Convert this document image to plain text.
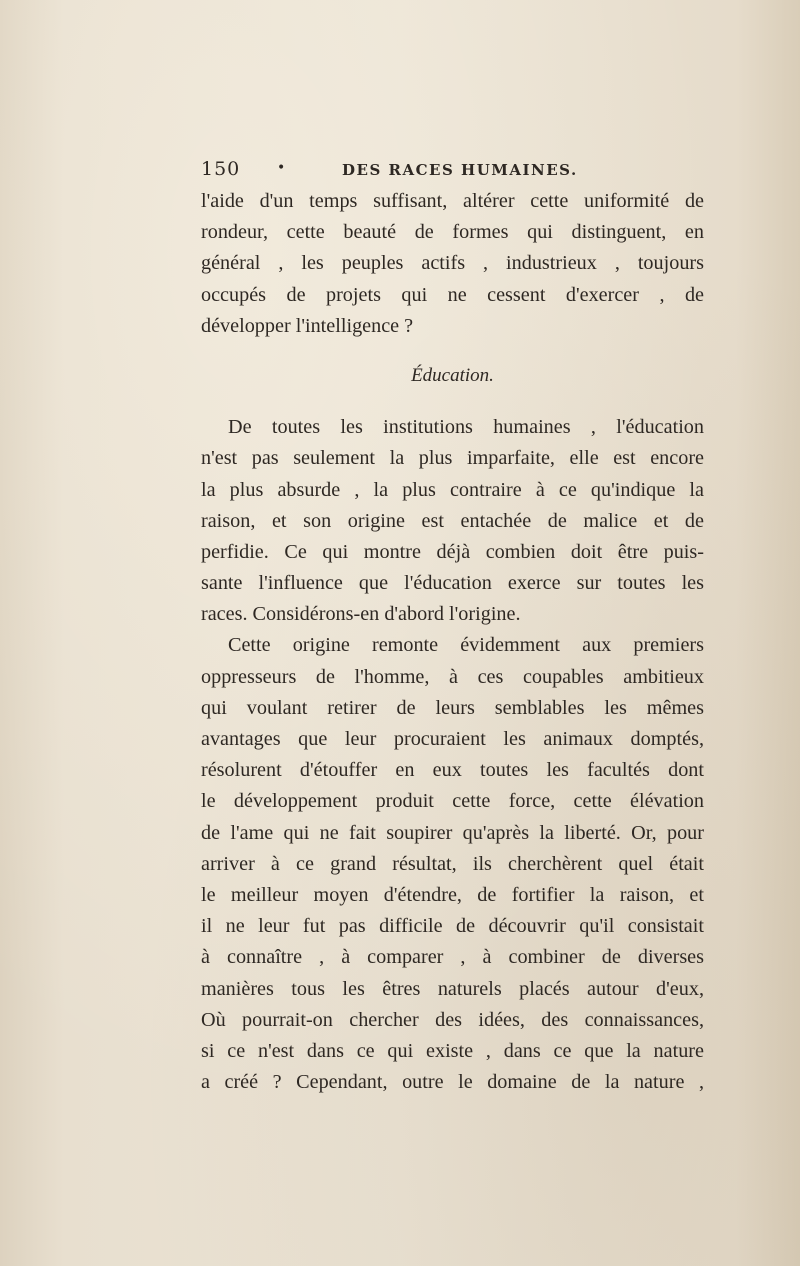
150	•	DES RACES HUMAINES.
l'aide d'un temps suffisant, altérer cette uniformité de
rondeur, cette beauté de formes qui distinguent, en
général , les peuples actifs , industrieux , toujours
occupés de projets qui ne cessent d'exercer , de
développer l'intelligence ?
Éducation.
De toutes les institutions humaines , l'éducation
n'est pas seulement la plus imparfaite, elle est encore
la plus absurde , la plus contraire à ce qu'indique la
raison, et son origine est entachée de malice et de
perfidie. Ce qui montre déjà combien doit être puis-
sante l'influence que l'éducation exerce sur toutes les
races. Considérons-en d'abord l'origine.
Cette origine remonte évidemment aux premiers
oppresseurs de l'homme, à ces coupables ambitieux
qui voulant retirer de leurs semblables les mêmes
avantages que leur procuraient les animaux domptés,
résolurent d'étouffer en eux toutes les facultés dont
le développement produit cette force, cette élévation
de l'ame qui ne fait soupirer qu'après la liberté. Or, pour
arriver à ce grand résultat, ils cherchèrent quel était
le meilleur moyen d'étendre, de fortifier la raison, et
il ne leur fut pas difficile de découvrir qu'il consistait
à connaître , à comparer , à combiner de diverses
manières tous les êtres naturels placés autour d'eux,
Où pourrait-on chercher des idées, des connaissances,
si ce n'est dans ce qui existe , dans ce que la nature
a créé ? Cependant, outre le domaine de la nature ,
